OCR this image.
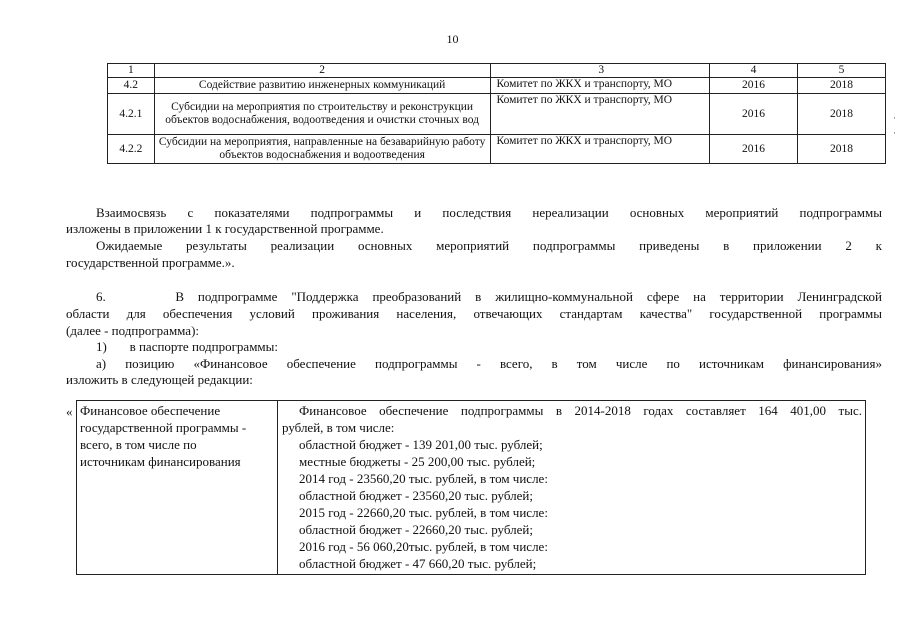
10
1	2	3	4	5
4.2	Содействие развитию инженерных коммуникаций	Комитет по ЖКХ и транспорту, МО	2016	2018
4.2.1	Субсидии на мероприятия по строительству и реконструкции объектов водоснабжения, водоотведения и очистки сточных вод	Комитет по ЖКХ и транспорту, МО	2016	2018
4.2.2	Субсидии на мероприятия, направленные на безаварийную работу объектов водоснабжения и водоотведения	Комитет по ЖКХ и транспорту, МО	2016	2018
Взаимосвязь с показателями подпрограммы и последствия нереализации основных мероприятий подпрограммы
изложены в приложении 1 к государственной программе.
Ожидаемые результаты реализации основных мероприятий подпрограммы приведены в приложении 2 к
государственной программе.».
6.     В подпрограмме "Поддержка преобразований в жилищно-коммунальной сфере на территории Ленинградской
области для обеспечения условий проживания населения, отвечающих стандартам качества" государственной программы
(далее - подпрограмма):
1)       в паспорте подпрограммы:
а) позицию «Финансовое обеспечение подпрограммы - всего, в том числе по источникам финансирования»
изложить в следующей редакции:
« Финансовое обеспечение
государственной программы -
всего, в том числе по
источникам финансирования

Финансовое обеспечение подпрограммы в 2014-2018 годах составляет 164 401,00 тыс.
рублей, в том числе:
областной бюджет - 139 201,00 тыс. рублей;
местные бюджеты - 25 200,00 тыс. рублей;
2014 год - 23560,20 тыс. рублей, в том числе:
областной бюджет - 23560,20 тыс. рублей;
2015 год - 22660,20 тыс. рублей, в том числе:
областной бюджет - 22660,20 тыс. рублей;
2016 год - 56 060,20тыс. рублей, в том числе:
областной бюджет - 47 660,20 тыс. рублей;
·
·
